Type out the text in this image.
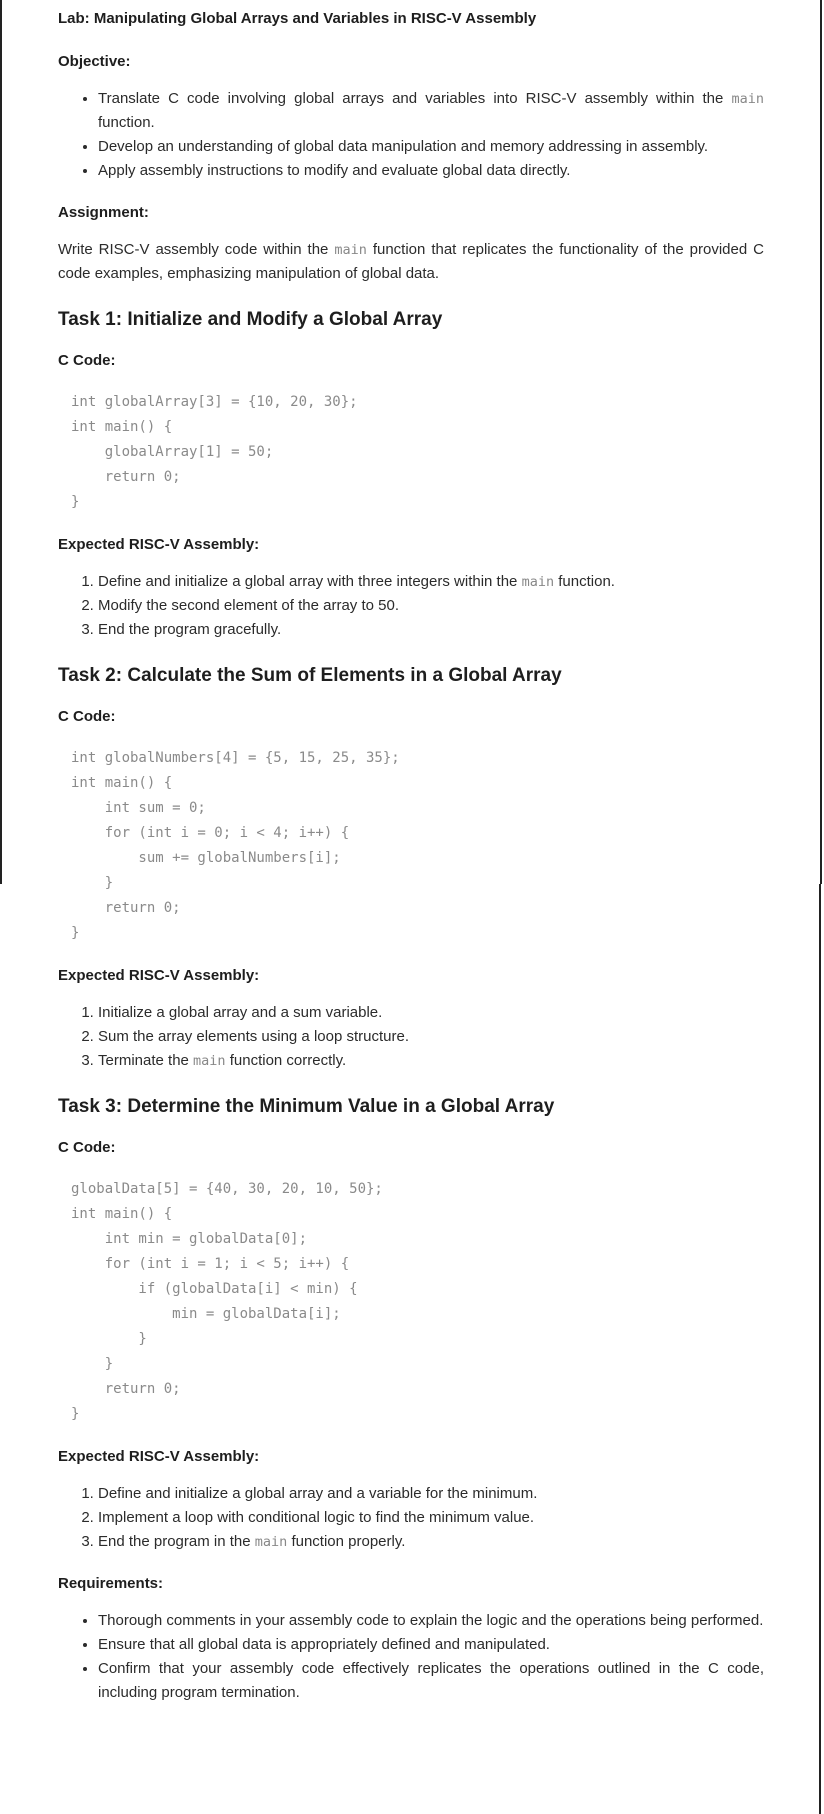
Lab: Manipulating Global Arrays and Variables in RISC-V Assembly
Objective:
• Translate C code involving global arrays and variables into RISC-V assembly within the main function.
• Develop an understanding of global data manipulation and memory addressing in assembly.
• Apply assembly instructions to modify and evaluate global data directly.
Assignment:

Write RISC-V assembly code within the main function that replicates the functionality of the provided C code examples, emphasizing manipulation of global data.

Task 1: Initialize and Modify a Global Array
C Code:
int globalArray[3] = {10, 20, 30};
int main() {
globalArray[1] = 50;
return 0;
}
Expected RISC-V Assembly:
1. Define and initialize a global array with three integers within the main function.
2. Modify the second element of the array to 50.
3. End the program gracefully.
Task 2: Calculate the Sum of Elements in a Global Array
C Code:
int globalNumbers[4] = {5, 15, 25, 35};
int main() {
int sum = 0;
for (int i = 0; i < 4; i++) {
sum += globalNumbers[i];
}
return 0;
}
Expected RISC-V Assembly:
1. Initialize a global array and a sum variable.
2. Sum the array elements using a loop structure.
3. Terminate the main function correctly.
Task 3: Determine the Minimum Value in a Global Array
C Code:
globalData[5] = {40, 30, 20, 10, 50};
int main() {
int min = globalData[0];
for (int i = 1; i < 5; i++) {
if (globalData[i] < min) {
min = globalData[i];
}
}
return 0;
}
Expected RISC-V Assembly:
1. Define and initialize a global array and a variable for the minimum.
2. Implement a loop with conditional logic to find the minimum value.
3. End the program in the main function properly.
Requirements:
• Thorough comments in your assembly code to explain the logic and the operations being performed.
• Ensure that all global data is appropriately defined and manipulated.
• Confirm that your assembly code effectively replicates the operations outlined in the C code, including program termination.
